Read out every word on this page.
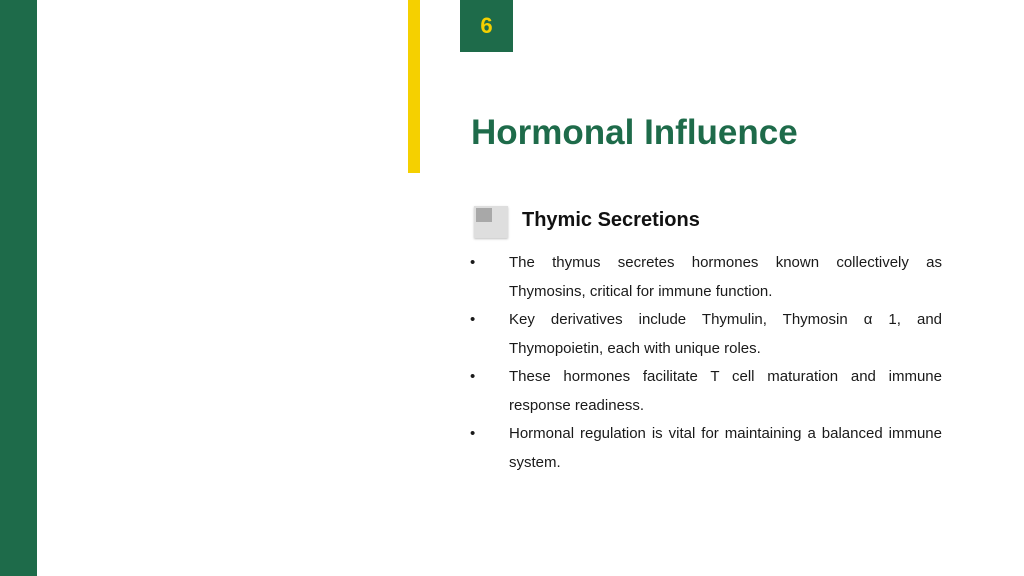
6
Hormonal Influence
Thymic Secretions
• The thymus secretes hormones known collectively as Thymosins, critical for immune function.
• Key derivatives include Thymulin, Thymosin α 1, and Thymopoietin, each with unique roles.
• These hormones facilitate T cell maturation and immune response readiness.
• Hormonal regulation is vital for maintaining a balanced immune system.
